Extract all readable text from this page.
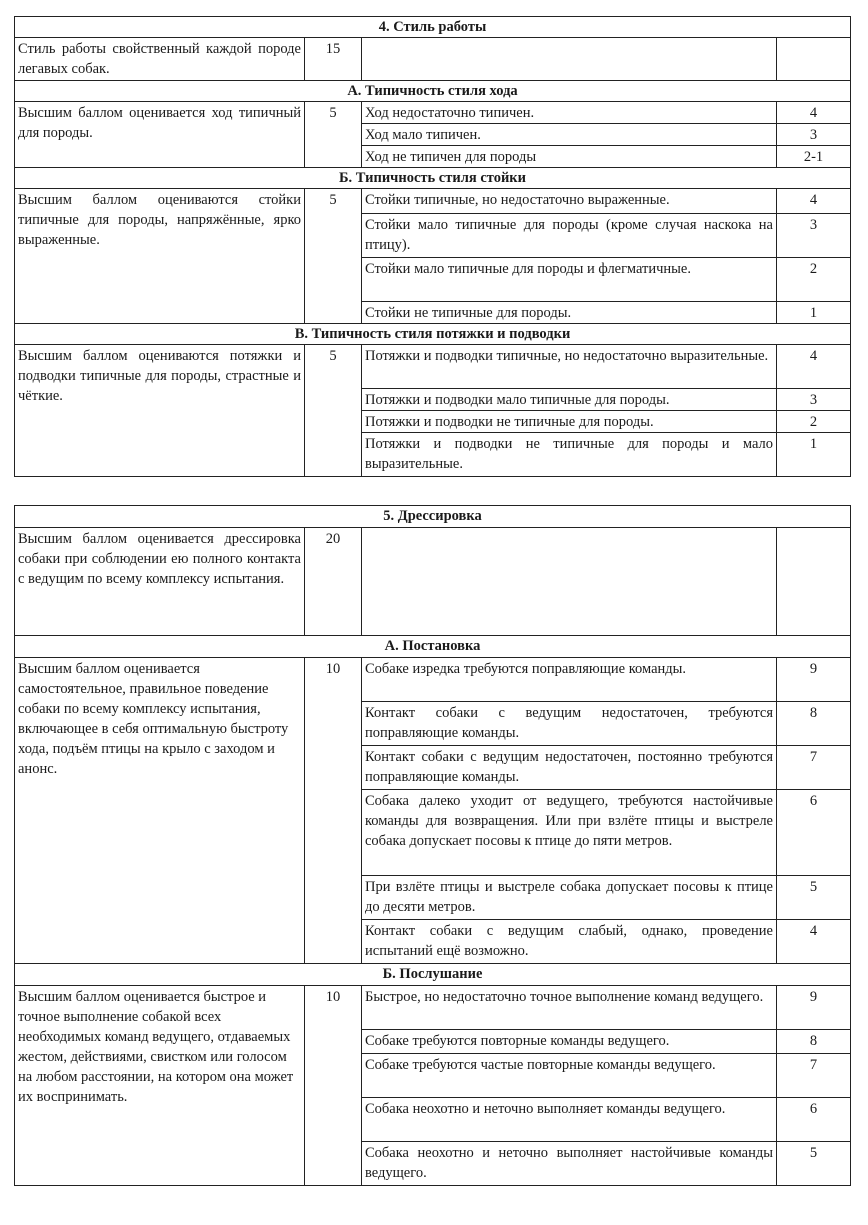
4. Стиль работы			
Стиль работы свойственный каждой породе легавых собак.	15		
А. Типичность стиля хода			
Высшим баллом оценивается ход типичный для породы.	5	Ход недостаточно типичен.	4
		Ход мало типичен.	3
		Ход не типичен для породы	2-1
Б. Типичность стиля стойки			
Высшим баллом оцениваются стойки типичные для породы, напряжённые, ярко выраженные.	5	Стойки типичные, но недостаточно выраженные.	4
		Стойки мало типичные для породы (кроме случая наскока на птицу).	3
		Стойки мало типичные для породы и флегматичные.	2
		Стойки не типичные для породы.	1
В. Типичность стиля потяжки и подводки			
Высшим баллом оцениваются потяжки и подводки типичные для породы, страстные и чёткие.	5	Потяжки и подводки типичные, но недостаточно выразительные.	4
		Потяжки и подводки мало типичные для породы.	3
		Потяжки и подводки не типичные для породы.	2
		Потяжки и подводки не типичные для породы и мало выразительные.	1
5. Дрессировка			
Высшим баллом оценивается дрессировка собаки при соблюдении ею полного контакта с ведущим по всему комплексу испытания.	20		
А. Постановка			
Высшим баллом оценивается самостоятельное, правильное поведение собаки по всему комплексу испытания, включающее в себя оптимальную быстроту хода, подъём птицы на крыло с заходом и анонс.	10	Собаке изредка требуются поправляющие команды.	9
		Контакт собаки с ведущим недостаточен, требуются поправляющие команды.	8
		Контакт собаки с ведущим недостаточен, постоянно требуются поправляющие команды.	7
		Собака далеко уходит от ведущего, требуются настойчивые команды для возвращения. Или при взлёте птицы и выстреле собака допускает посовы к птице до пяти метров.	6
		При взлёте птицы и выстреле собака допускает посовы к птице до десяти метров.	5
		Контакт собаки с ведущим слабый, однако, проведение испытаний ещё возможно.	4
Б. Послушание			
Высшим баллом оценивается быстрое и точное выполнение собакой всех необходимых команд ведущего, отдаваемых жестом, действиями, свистком или голосом на любом расстоянии, на котором она может их воспринимать.	10	Быстрое, но недостаточно точное выполнение команд ведущего.	9
		Собаке требуются повторные команды ведущего.	8
		Собаке требуются частые повторные команды ведущего.	7
		Собака неохотно и неточно выполняет команды ведущего.	6
		Собака неохотно и неточно выполняет настойчивые команды ведущего.	5
